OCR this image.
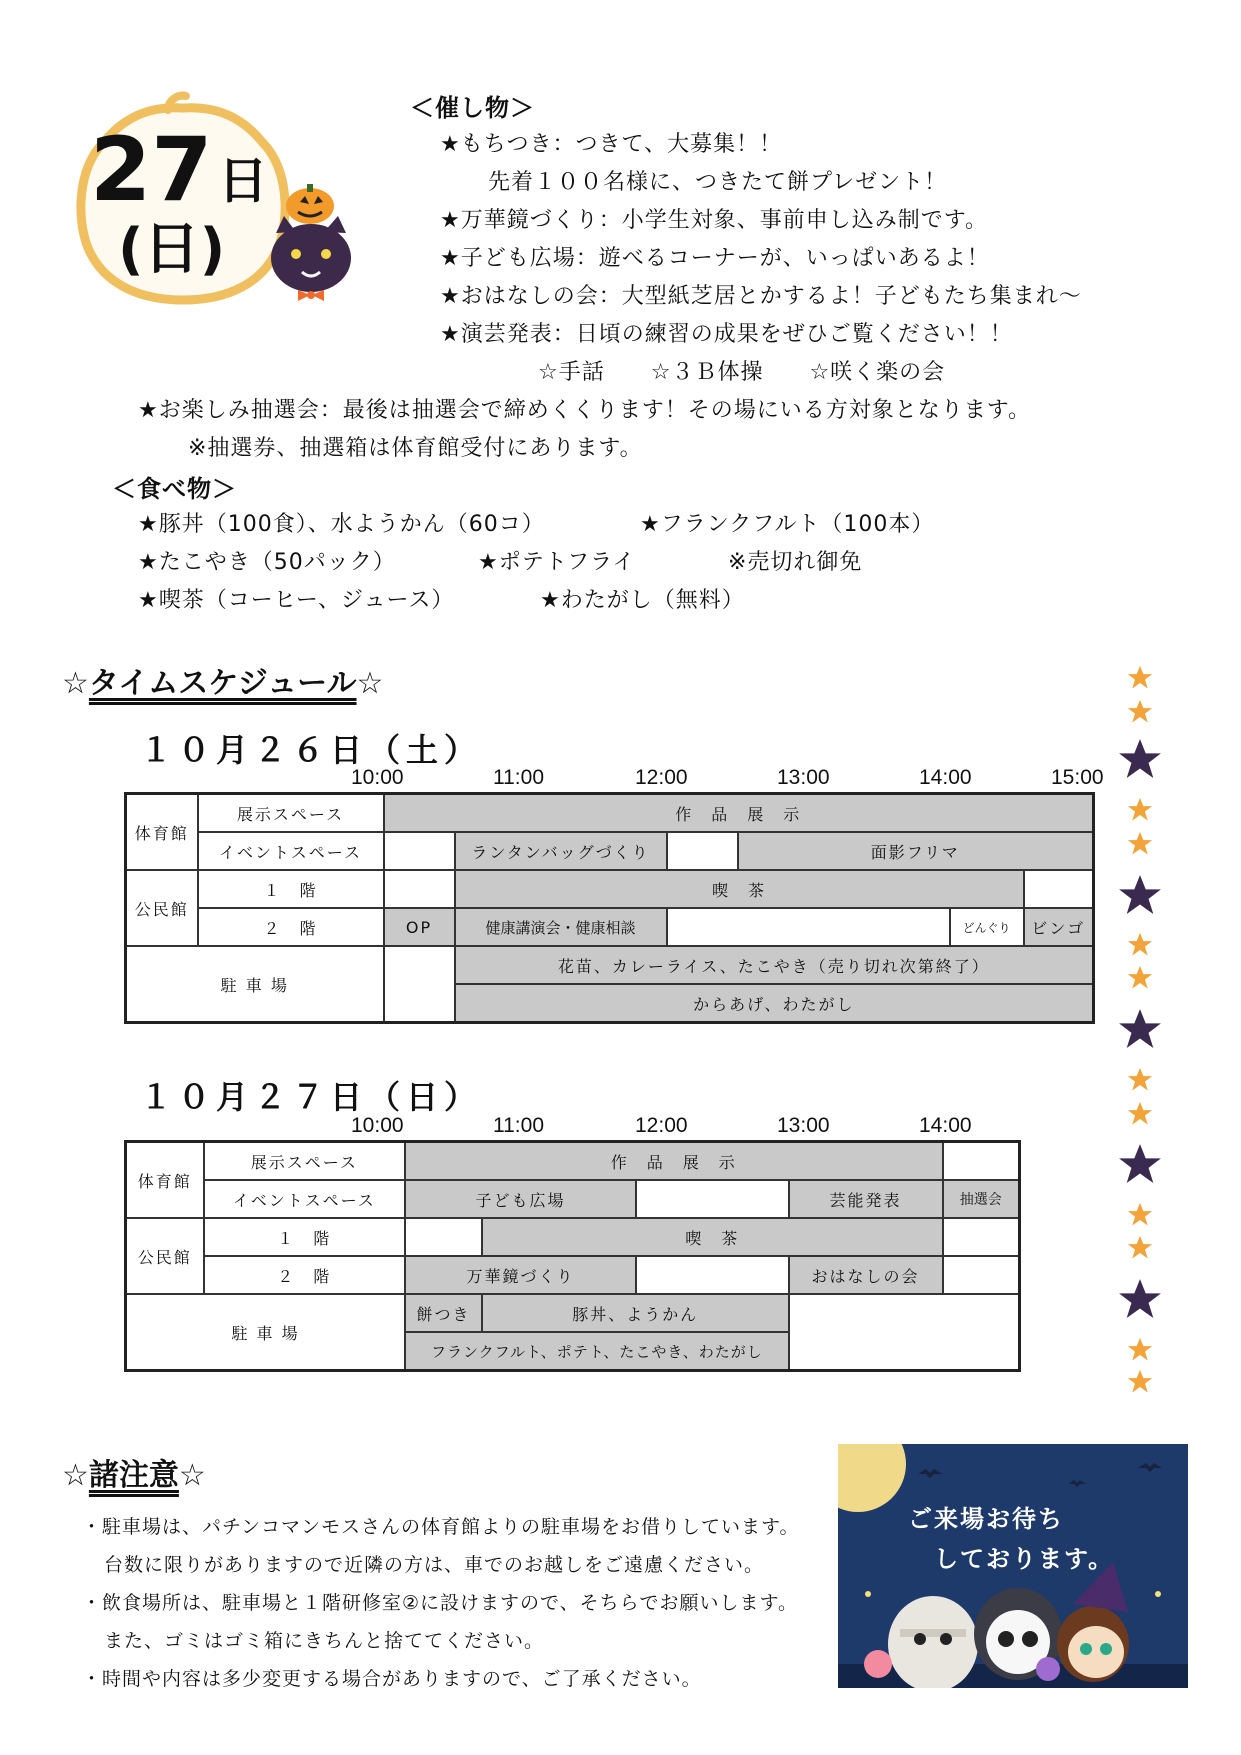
27 日
(日)
＜催し物＞
★もちつき：つきて、大募集！！
先着１００名様に、つきたて餅プレゼント！
★万華鏡づくり：小学生対象、事前申し込み制です。
★子ども広場：遊べるコーナーが、いっぱいあるよ！
★おはなしの会：大型紙芝居とかするよ！子どもたち集まれ～
★演芸発表：日頃の練習の成果をぜひご覧ください！！
☆手話　　☆３Ｂ体操　　☆咲く楽の会
★お楽しみ抽選会：最後は抽選会で締めくくります！その場にいる方対象となります。
※抽選券、抽選箱は体育館受付にあります。
＜食べ物＞
★豚丼（100食）、水ようかん（60コ）	★フランクフルト（100本）
★たこやき（50パック）	★ポテトフライ	※売切れ御免
★喫茶（コーヒー、ジュース）	★わたがし（無料）
☆タイムスケジュール☆
１０月２６日（土）
10:00	11:00	12:00	13:00	14:00	15:00
体育館	展示スペース	作　品　展　示					
	イベントスペース		ランタンバッグづくり		面影フリマ		
公民館	１　階		喫　茶				
	２　階	OP	健康講演会・健康相談			どんぐり	ビンゴ
駐 車 場			花苗、カレーライス、たこやき（売り切れ次第終了）				
			からあげ、わたがし				
１０月２７日（日）
10:00	11:00	12:00	13:00	14:00
体育館	展示スペース	作　品　展　示				
	イベントスペース	子ども広場			芸能発表	抽選会
公民館	１　階		喫　茶			
	２　階	万華鏡づくり			おはなしの会	
駐 車 場		餅つき	豚丼、ようかん			
		フランクフルト、ポテト、たこやき、わたがし				
☆諸注意☆
・駐車場は、パチンコマンモスさんの体育館よりの駐車場をお借りしています。
台数に限りがありますので近隣の方は、車でのお越しをご遠慮ください。
・飲食場所は、駐車場と１階研修室②に設けますので、そちらでお願いします。
また、ゴミはゴミ箱にきちんと捨ててください。
・時間や内容は多少変更する場合がありますので、ご了承ください。
ご来場お待ち
しております。
